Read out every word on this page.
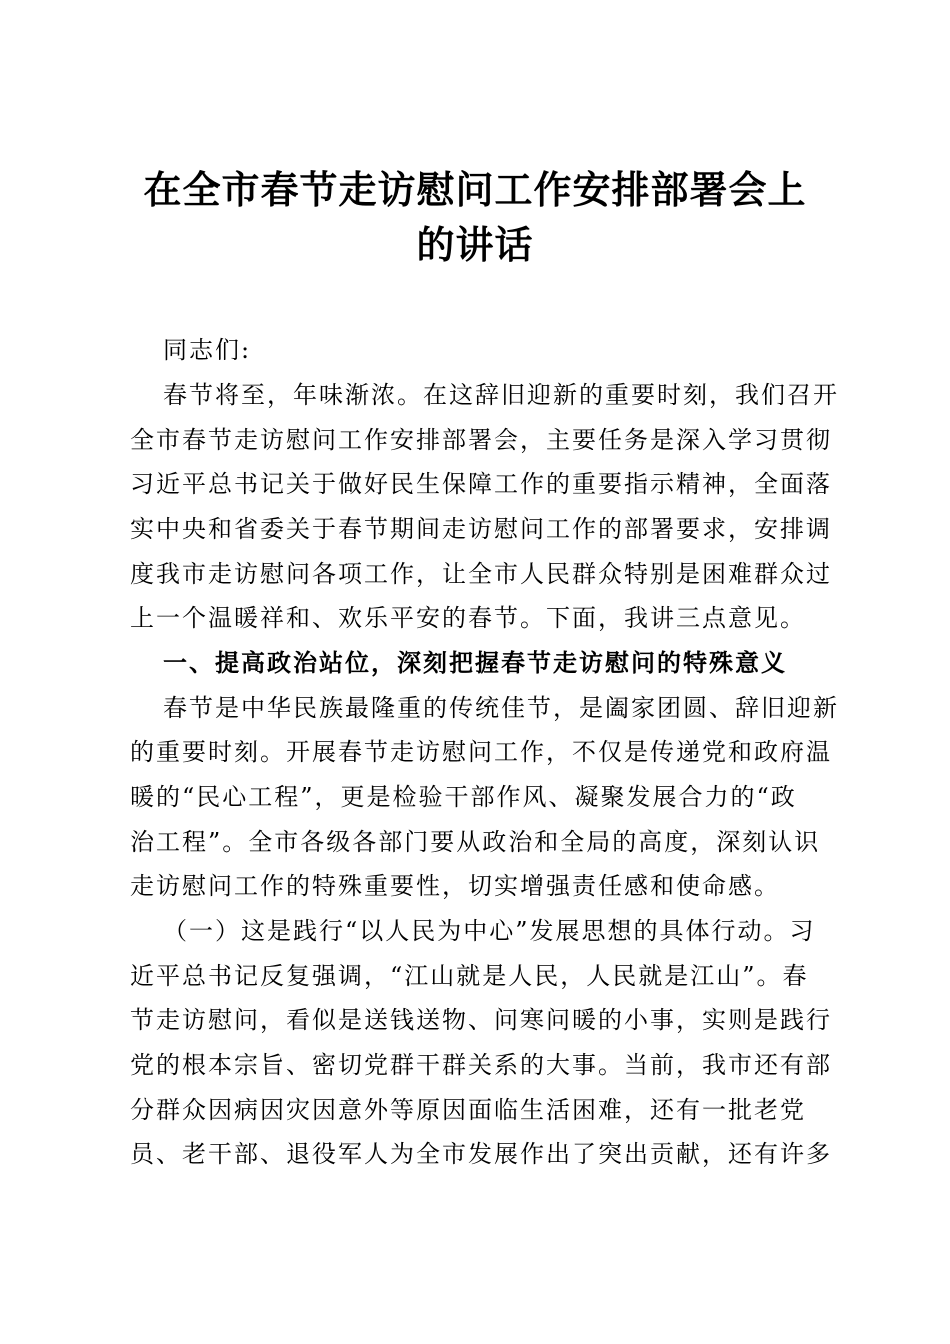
在全市春节走访慰问工作安排部署会上
的讲话
同志们:
春节将至，年味渐浓。在这辞旧迎新的重要时刻，我们召开
全市春节走访慰问工作安排部署会，主要任务是深入学习贯彻
习近平总书记关于做好民生保障工作的重要指示精神，全面落
实中央和省委关于春节期间走访慰问工作的部署要求，安排调
度我市走访慰问各项工作，让全市人民群众特别是困难群众过
上一个温暖祥和、欢乐平安的春节。下面，我讲三点意见。
一、提高政治站位，深刻把握春节走访慰问的特殊意义
春节是中华民族最隆重的传统佳节，是阖家团圆、辞旧迎新
的重要时刻。开展春节走访慰问工作，不仅是传递党和政府温
暖的“民心工程”，更是检验干部作风、凝聚发展合力的“政
治工程”。全市各级各部门要从政治和全局的高度，深刻认识
走访慰问工作的特殊重要性，切实增强责任感和使命感。
（一）这是践行“以人民为中心”发展思想的具体行动。习
近平总书记反复强调，“江山就是人民，人民就是江山”。春
节走访慰问，看似是送钱送物、问寒问暖的小事，实则是践行
党的根本宗旨、密切党群干群关系的大事。当前，我市还有部
分群众因病因灾因意外等原因面临生活困难，还有一批老党
员、老干部、退役军人为全市发展作出了突出贡献，还有许多
